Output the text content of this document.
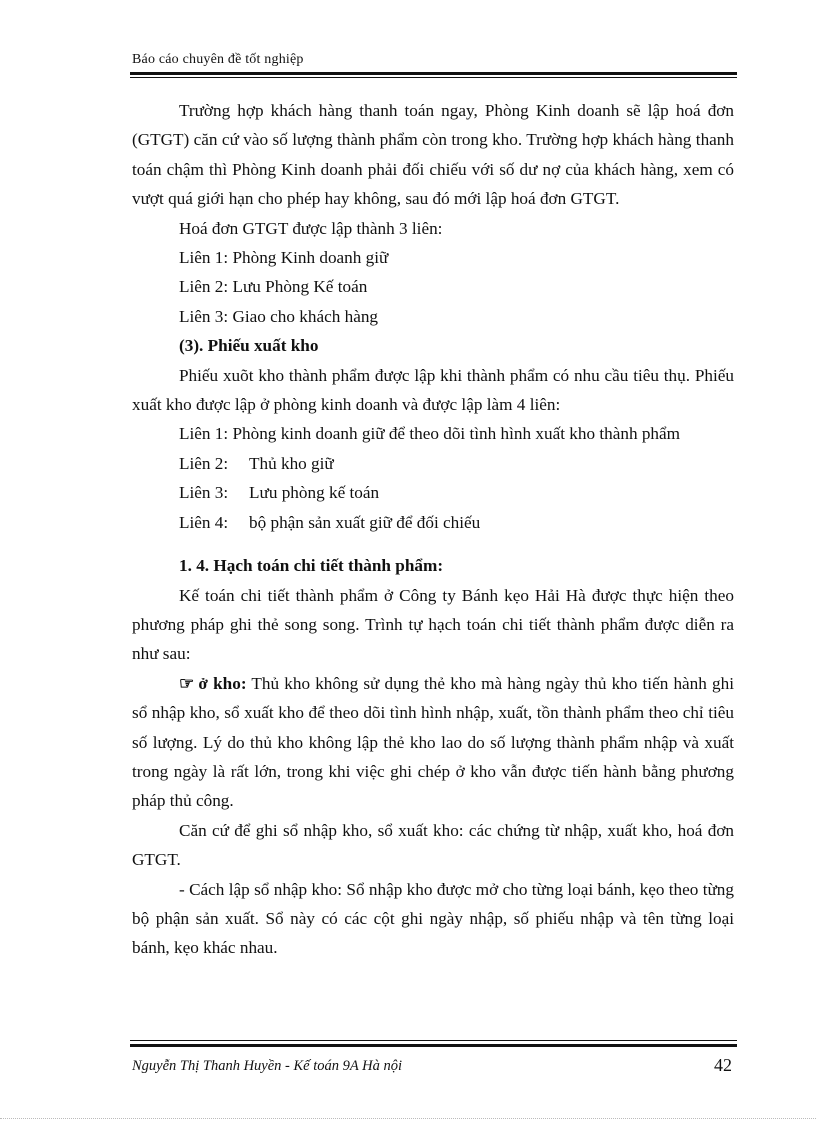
Báo cáo chuyên đề tốt nghiệp

Trường hợp khách hàng thanh toán ngay, Phòng Kinh doanh sẽ lập hoá đơn (GTGT) căn cứ vào số lượng thành phẩm còn trong kho. Trường hợp khách hàng thanh toán chậm thì Phòng Kinh doanh phải đối chiếu với số dư nợ của khách hàng, xem có vượt quá giới hạn cho phép hay không, sau đó mới lập hoá đơn GTGT.

Hoá đơn GTGT được lập thành 3 liên:

Liên 1: Phòng Kinh doanh giữ

Liên 2: Lưu Phòng Kế toán

Liên 3: Giao cho khách hàng

(3). Phiếu xuất kho

Phiếu xuõt kho thành phẩm được lập khi thành phẩm có nhu cầu tiêu thụ. Phiếu xuất kho được lập ở phòng kinh doanh và được lập làm 4 liên:

Liên 1: Phòng kinh doanh giữ để theo dõi tình hình xuất kho thành phẩm

Liên 2: Thủ kho giữ

Liên 3: Lưu phòng kế toán

Liên 4: bộ phận sản xuất giữ để đối chiếu

1. 4. Hạch toán chi tiết thành phẩm:

Kế toán chi tiết thành phẩm ở Công ty Bánh kẹo Hải Hà được thực hiện theo phương pháp ghi thẻ song song. Trình tự hạch toán chi tiết thành phẩm được diễn ra như sau:

☞ ở kho: Thủ kho không sử dụng thẻ kho mà hàng ngày thủ kho tiến hành ghi sổ nhập kho, sổ xuất kho để theo dõi tình hình nhập, xuất, tồn thành phẩm theo chỉ tiêu số lượng. Lý do thủ kho không lập thẻ kho lao do số lượng thành phẩm nhập và xuất trong ngày là rất lớn, trong khi việc ghi chép ở kho vẫn được tiến hành bằng phương pháp thủ công.

Căn cứ để ghi sổ nhập kho, sổ xuất kho: các chứng từ nhập, xuất kho, hoá đơn GTGT.

- Cách lập sổ nhập kho: Sổ nhập kho được mở cho từng loại bánh, kẹo theo từng bộ phận sản xuất. Sổ này có các cột ghi ngày nhập, số phiếu nhập và tên từng loại bánh, kẹo khác nhau.

Nguyễn Thị Thanh Huyền - Kế toán 9A Hà nội	42
